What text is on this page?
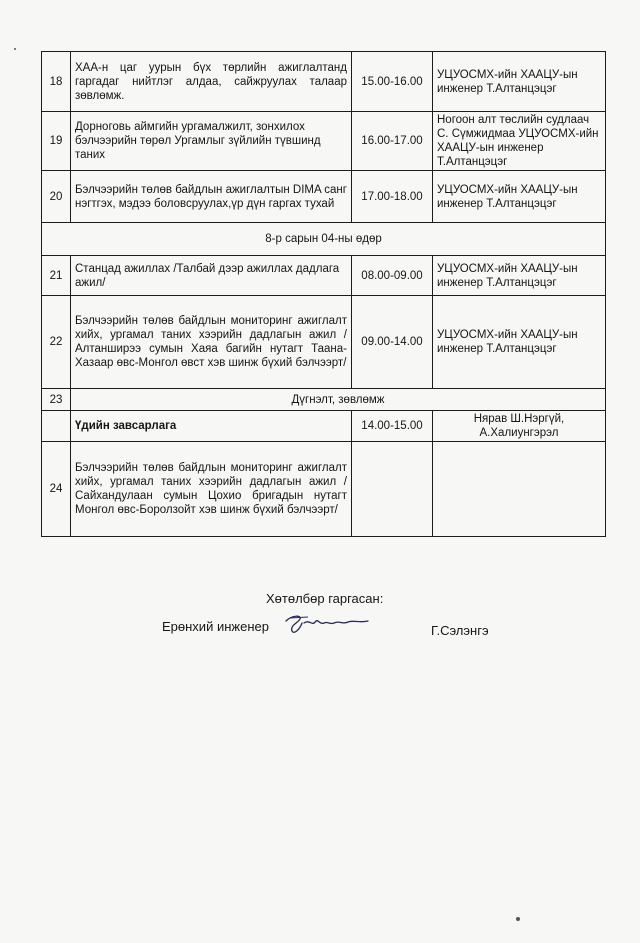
18	ХАА-н цаг уурын бүх төрлийн ажиглалтанд гаргадаг нийтлэг алдаа, сайжруулах талаар зөвлөмж.	15.00-16.00	УЦУОСМХ-ийн ХААЦУ-ын инженер Т.Алтанцэцэг
19	Дорноговь аймгийн ургамалжилт, зонхилох бэлчээрийн төрөл Ургамлыг зүйлийн түвшинд таних	16.00-17.00	Ногоон алт төслийн судлаач С. Сүмжидмаа УЦУОСМХ-ийн ХААЦУ-ын инженер Т.Алтанцэцэг
20	Бэлчээрийн төлөв байдлын ажиглалтын DIMA санг нэгтгэх, мэдээ боловсруулах,үр дүн гаргах тухай	17.00-18.00	УЦУОСМХ-ийн ХААЦУ-ын инженер Т.Алтанцэцэг
8-р сарын 04-ны өдөр			
21	Станцад ажиллах /Талбай дээр ажиллах дадлага ажил/	08.00-09.00	УЦУОСМХ-ийн ХААЦУ-ын инженер Т.Алтанцэцэг
22	Бэлчээрийн төлөв байдлын мониторинг ажиглалт хийх, ургамал таних хээрийн дадлагын ажил /Алтанширээ сумын Хаяа багийн нутагт Таана-Хазаар өвс-Монгол өвст хэв шинж бүхий бэлчээрт/	09.00-14.00	УЦУОСМХ-ийн ХААЦУ-ын инженер Т.Алтанцэцэг
23	Дүгнэлт, зөвлөмж		
	Үдийн завсарлага	14.00-15.00	Нярав Ш.Нэргүй, А.Халиунгэрэл
24	Бэлчээрийн төлөв байдлын мониторинг ажиглалт хийх, ургамал таних хээрийн дадлагын ажил /Сайхандулаан сумын Цохио бригадын нутагт Монгол өвс-Боролзойт хэв шинж бүхий бэлчээрт/		
Хөтөлбөр гаргасан:
Ерөнхий инженер	Г.Сэлэнгэ
